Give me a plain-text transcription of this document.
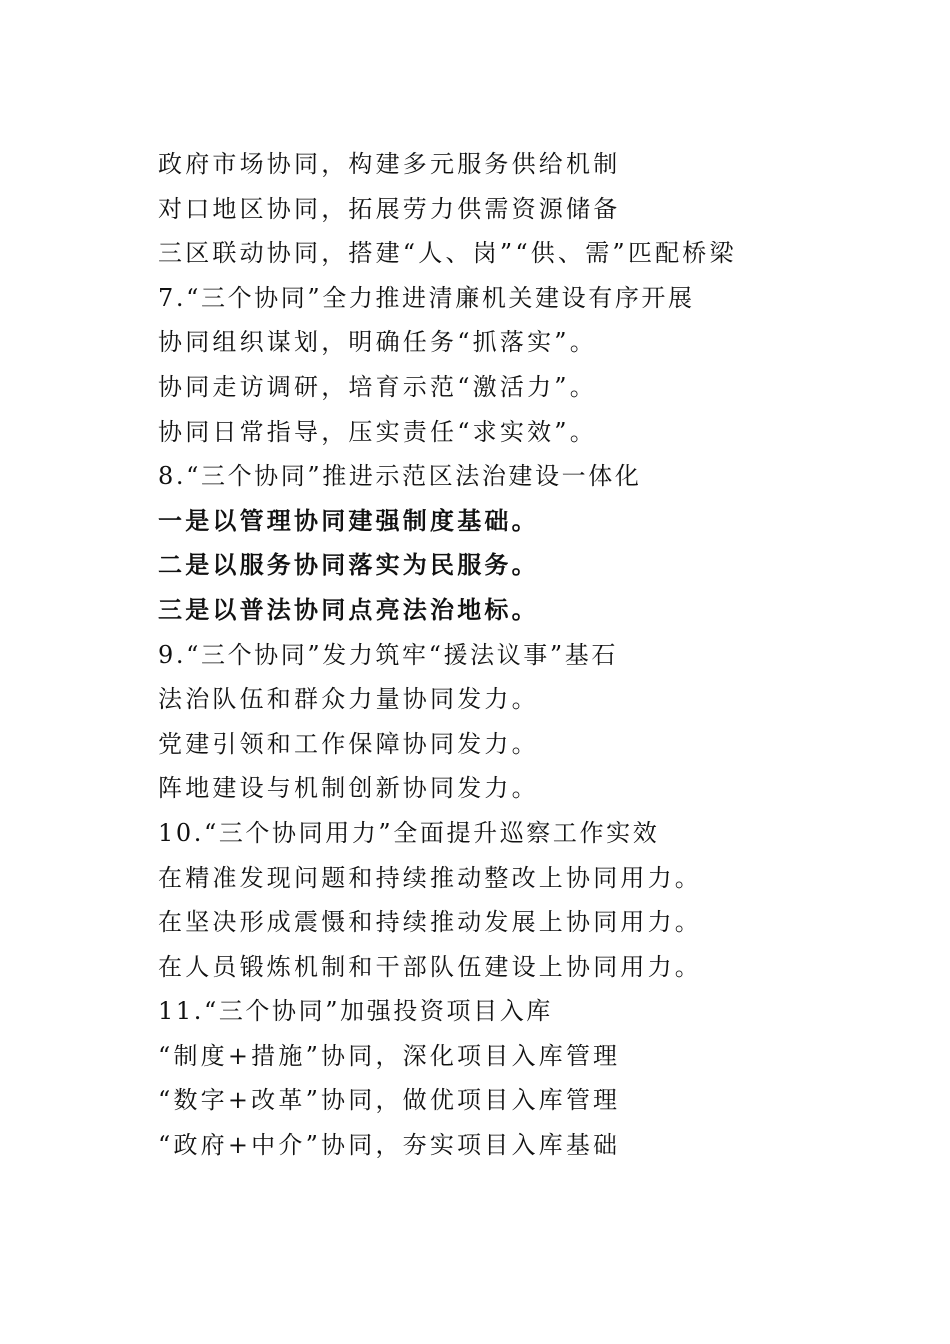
政府市场协同，构建多元服务供给机制
对口地区协同，拓展劳力供需资源储备
三区联动协同，搭建“人、岗”“供、需”匹配桥梁
7.“三个协同”全力推进清廉机关建设有序开展
协同组织谋划，明确任务“抓落实”。
协同走访调研，培育示范“激活力”。
协同日常指导，压实责任“求实效”。
8.“三个协同”推进示范区法治建设一体化
一是以管理协同建强制度基础。
二是以服务协同落实为民服务。
三是以普法协同点亮法治地标。
9.“三个协同”发力筑牢“援法议事”基石
法治队伍和群众力量协同发力。
党建引领和工作保障协同发力。
阵地建设与机制创新协同发力。
10.“三个协同用力”全面提升巡察工作实效
在精准发现问题和持续推动整改上协同用力。
在坚决形成震慑和持续推动发展上协同用力。
在人员锻炼机制和干部队伍建设上协同用力。
11.“三个协同”加强投资项目入库
“制度+措施”协同，深化项目入库管理
“数字+改革”协同，做优项目入库管理
“政府+中介”协同，夯实项目入库基础
